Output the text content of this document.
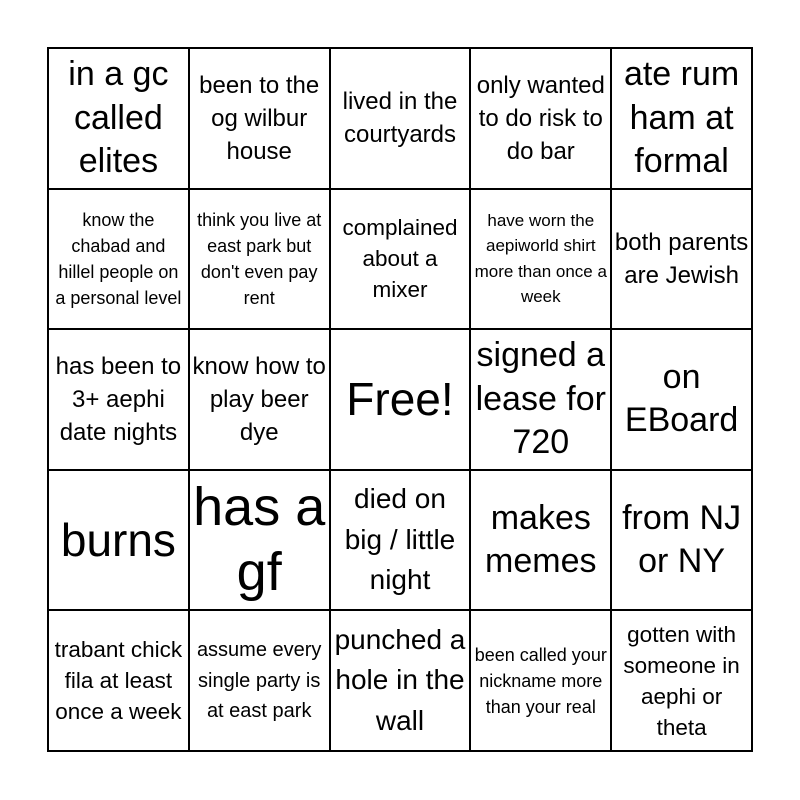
in a gc called elites
been to the og wilbur house
lived in the courtyards
only wanted to do risk to do bar
ate rum ham at formal
know the chabad and hillel people on a personal level
think you live at east park but don't even pay rent
complained about a mixer
have worn the aepiworld shirt more than once a week
both parents are Jewish
has been to 3+ aephi date nights
know how to play beer dye
Free!
signed a lease for 720
on EBoard
burns
has a gf
died on big / little night
makes memes
from NJ or NY
trabant chick fila at least once a week
assume every single party is at east park
punched a hole in the wall
been called your nickname more than your real
gotten with someone in aephi or theta
